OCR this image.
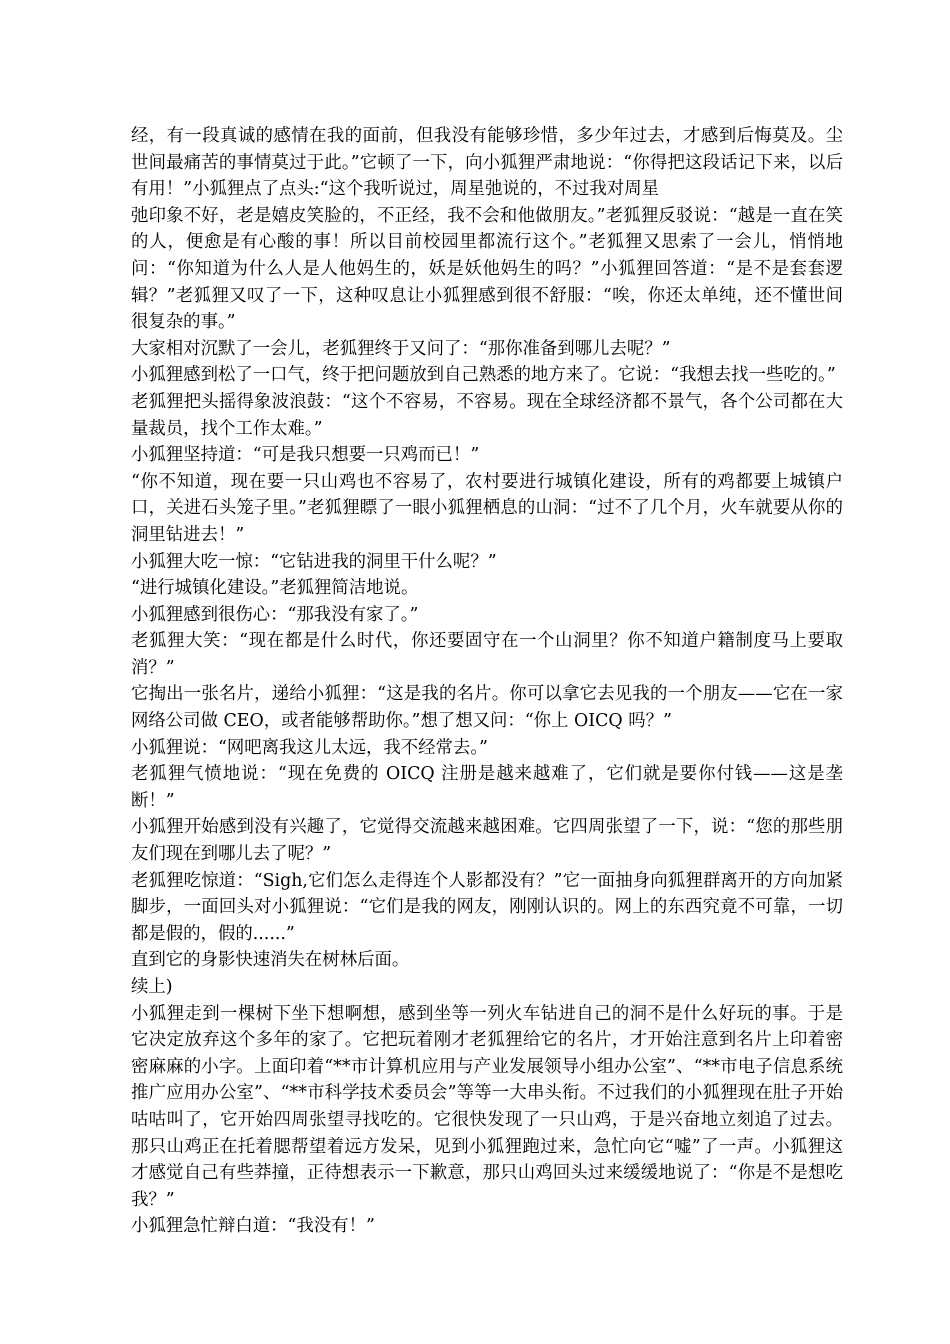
经，有一段真诚的感情在我的面前，但我没有能够珍惜，多少年过去，才感到后悔莫及。尘世间最痛苦的事情莫过于此。”它顿了一下，向小狐狸严肃地说：“你得把这段话记下来，以后有用！”小狐狸点了点头:“这个我听说过，周星弛说的，不过我对周星

弛印象不好，老是嬉皮笑脸的，不正经，我不会和他做朋友。”老狐狸反驳说：“越是一直在笑的人，便愈是有心酸的事！所以目前校园里都流行这个。”老狐狸又思索了一会儿，悄悄地问：“你知道为什么人是人他妈生的，妖是妖他妈生的吗？”小狐狸回答道：“是不是套套逻辑？”老狐狸又叹了一下，这种叹息让小狐狸感到很不舒服：“唉，你还太单纯，还不懂世间很复杂的事。”

大家相对沉默了一会儿，老狐狸终于又问了：“那你准备到哪儿去呢？”

小狐狸感到松了一口气，终于把问题放到自己熟悉的地方来了。它说：“我想去找一些吃的。”

老狐狸把头摇得象波浪鼓：“这个不容易，不容易。现在全球经济都不景气，各个公司都在大量裁员，找个工作太难。”

小狐狸坚持道：“可是我只想要一只鸡而已！”

“你不知道，现在要一只山鸡也不容易了，农村要进行城镇化建设，所有的鸡都要上城镇户口，关进石头笼子里。”老狐狸瞟了一眼小狐狸栖息的山洞：“过不了几个月，火车就要从你的洞里钻进去！”

小狐狸大吃一惊：“它钻进我的洞里干什么呢？”

“进行城镇化建设。”老狐狸简洁地说。

小狐狸感到很伤心：“那我没有家了。”

老狐狸大笑：“现在都是什么时代，你还要固守在一个山洞里？你不知道户籍制度马上要取消？”

它掏出一张名片，递给小狐狸：“这是我的名片。你可以拿它去见我的一个朋友——它在一家网络公司做 CEO，或者能够帮助你。”想了想又问：“你上 OICQ 吗？”

小狐狸说：“网吧离我这儿太远，我不经常去。”

老狐狸气愤地说：“现在免费的 OICQ 注册是越来越难了，它们就是要你付钱——这是垄断！”

小狐狸开始感到没有兴趣了，它觉得交流越来越困难。它四周张望了一下，说：“您的那些朋友们现在到哪儿去了呢？”

老狐狸吃惊道：“Sigh,它们怎么走得连个人影都没有？”它一面抽身向狐狸群离开的方向加紧脚步，一面回头对小狐狸说：“它们是我的网友，刚刚认识的。网上的东西究竟不可靠，一切都是假的，假的......”

直到它的身影快速消失在树林后面。

续上)

小狐狸走到一棵树下坐下想啊想，感到坐等一列火车钻进自己的洞不是什么好玩的事。于是它决定放弃这个多年的家了。它把玩着刚才老狐狸给它的名片，才开始注意到名片上印着密密麻麻的小字。上面印着“**市计算机应用与产业发展领导小组办公室”、“**市电子信息系统推广应用办公室”、“**市科学技术委员会”等等一大串头衔。不过我们的小狐狸现在肚子开始咕咕叫了，它开始四周张望寻找吃的。它很快发现了一只山鸡，于是兴奋地立刻追了过去。那只山鸡正在托着腮帮望着远方发呆，见到小狐狸跑过来，急忙向它“嘘”了一声。小狐狸这才感觉自己有些莽撞，正待想表示一下歉意，那只山鸡回头过来缓缓地说了：“你是不是想吃我？”

小狐狸急忙辩白道：“我没有！”
